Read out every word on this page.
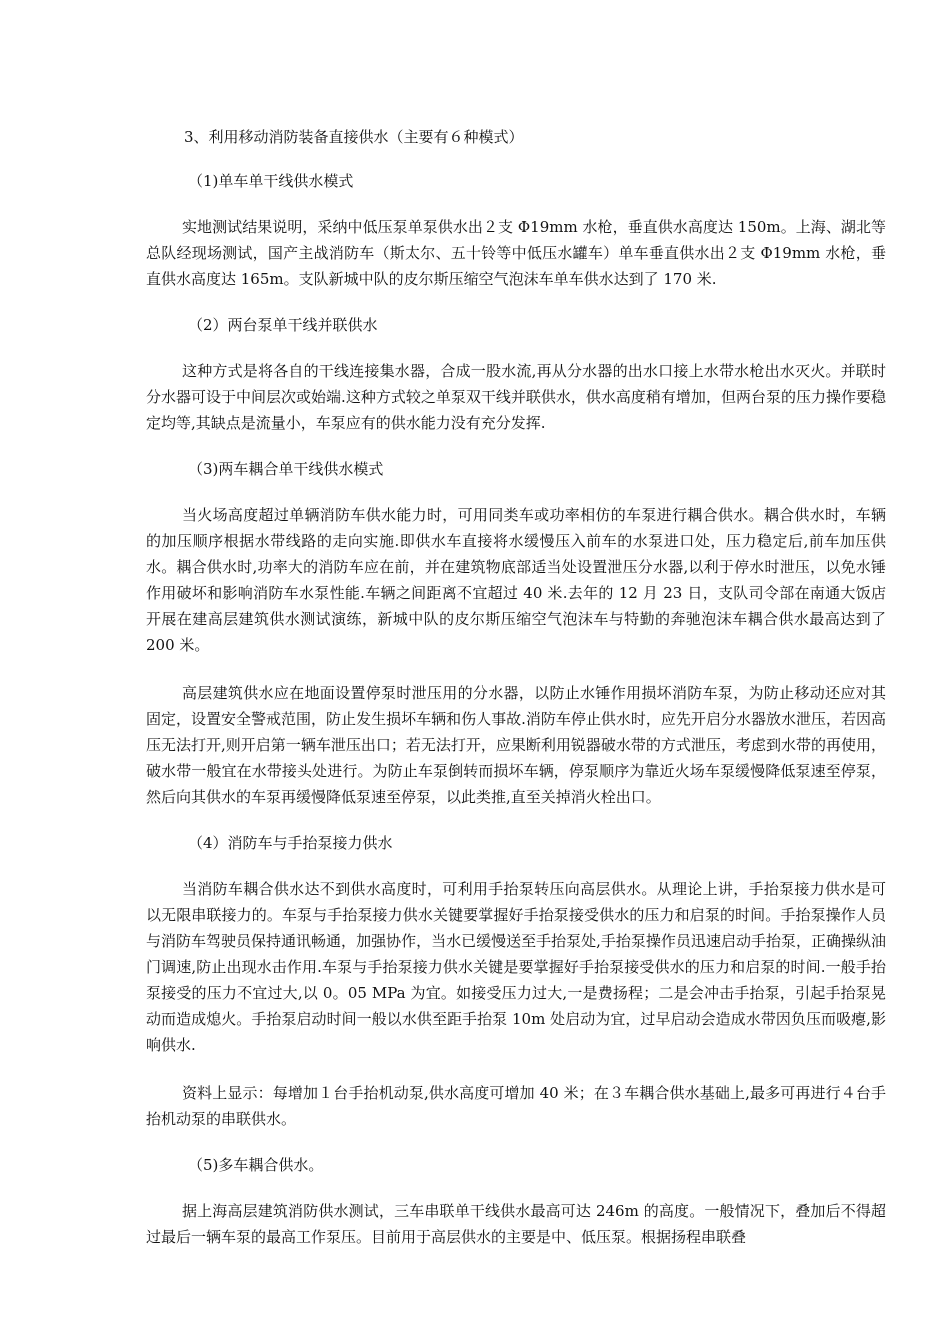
3、利用移动消防装备直接供水（主要有６种模式）
（1)单车单干线供水模式

实地测试结果说明，采纳中低压泵单泵供水出２支 Φ19mm 水枪，垂直供水高度达 150m。上海、湖北等总队经现场测试，国产主战消防车（斯太尔、五十铃等中低压水罐车）单车垂直供水出２支 Φ19mm 水枪，垂直供水高度达 165m。支队新城中队的皮尔斯压缩空气泡沫车单车供水达到了 170 米.

（2）两台泵单干线并联供水

这种方式是将各自的干线连接集水器，合成一股水流,再从分水器的出水口接上水带水枪出水灭火。并联时分水器可设于中间层次或始端.这种方式较之单泵双干线并联供水，供水高度稍有增加，但两台泵的压力操作要稳定均等,其缺点是流量小，车泵应有的供水能力没有充分发挥.

（3)两车耦合单干线供水模式

当火场高度超过单辆消防车供水能力时，可用同类车或功率相仿的车泵进行耦合供水。耦合供水时，车辆的加压顺序根据水带线路的走向实施.即供水车直接将水缓慢压入前车的水泵进口处，压力稳定后,前车加压供水。耦合供水时,功率大的消防车应在前，并在建筑物底部适当处设置泄压分水器,以利于停水时泄压，以免水锤作用破坏和影响消防车水泵性能.车辆之间距离不宜超过 40 米.去年的 12 月 23 日，支队司令部在南通大饭店开展在建高层建筑供水测试演练，新城中队的皮尔斯压缩空气泡沫车与特勤的奔驰泡沫车耦合供水最高达到了 200 米。

高层建筑供水应在地面设置停泵时泄压用的分水器，以防止水锤作用损坏消防车泵，为防止移动还应对其固定，设置安全警戒范围，防止发生损坏车辆和伤人事故.消防车停止供水时，应先开启分水器放水泄压，若因高压无法打开,则开启第一辆车泄压出口；若无法打开，应果断利用锐器破水带的方式泄压，考虑到水带的再使用，破水带一般宜在水带接头处进行。为防止车泵倒转而损坏车辆，停泵顺序为靠近火场车泵缓慢降低泵速至停泵，然后向其供水的车泵再缓慢降低泵速至停泵，以此类推,直至关掉消火栓出口。

（4）消防车与手抬泵接力供水

当消防车耦合供水达不到供水高度时，可利用手抬泵转压向高层供水。从理论上讲，手抬泵接力供水是可以无限串联接力的。车泵与手抬泵接力供水关键要掌握好手抬泵接受供水的压力和启泵的时间。手抬泵操作人员与消防车驾驶员保持通讯畅通，加强协作，当水已缓慢送至手抬泵处,手抬泵操作员迅速启动手抬泵，正确操纵油门调速,防止出现水击作用.车泵与手抬泵接力供水关键是要掌握好手抬泵接受供水的压力和启泵的时间.一般手抬泵接受的压力不宜过大,以 0。05 MPa 为宜。如接受压力过大,一是费扬程；二是会冲击手抬泵，引起手抬泵晃动而造成熄火。手抬泵启动时间一般以水供至距手抬泵 10m 处启动为宜，过早启动会造成水带因负压而吸瘪,影响供水.

资料上显示：每增加１台手抬机动泵,供水高度可增加 40 米；在３车耦合供水基础上,最多可再进行４台手抬机动泵的串联供水。

（5)多车耦合供水。

据上海高层建筑消防供水测试，三车串联单干线供水最高可达 246m 的高度。一般情况下，叠加后不得超过最后一辆车泵的最高工作泵压。目前用于高层供水的主要是中、低压泵。根据扬程串联叠
